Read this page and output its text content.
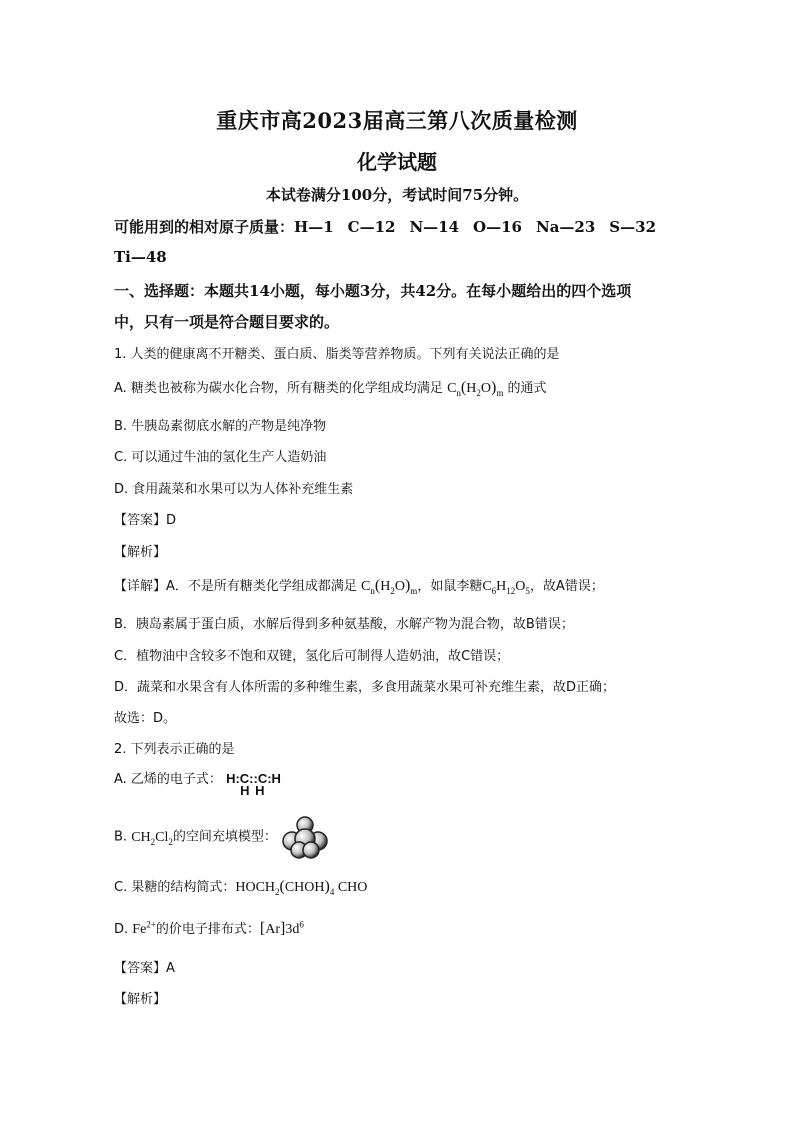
重庆市高2023届高三第八次质量检测
化学试题
本试卷满分100分，考试时间75分钟。
可能用到的相对原子质量：H—1 C—12 N—14 O—16 Na—23 S—32
Ti—48
一、选择题：本题共14小题，每小题3分，共42分。在每小题给出的四个选项
中，只有一项是符合题目要求的。
1. 人类的健康离不开糖类、蛋白质、脂类等营养物质。下列有关说法正确的是
A. 糖类也被称为碳水化合物，所有糖类的化学组成均满足 $C_n(H_2O)_m$ 的通式
B. 牛胰岛素彻底水解的产物是纯净物
C. 可以通过牛油的氢化生产人造奶油
D. 食用蔬菜和水果可以为人体补充维生素
【答案】D
【解析】
【详解】A．不是所有糖类化学组成都满足 $C_n(H_2O)_m$，如鼠李糖$C_6H_{12}O_5$，故A错误；
B．胰岛素属于蛋白质，水解后得到多种氨基酸，水解产物为混合物，故B错误；
C．植物油中含较多不饱和双键，氢化后可制得人造奶油，故C错误；
D．蔬菜和水果含有人体所需的多种维生素，多食用蔬菜水果可补充维生素，故D正确；
故选：D。
2. 下列表示正确的是
A. 乙烯的电子式： H:C::C:H
H H
B. $CH_2Cl_2$的空间充填模型：
C. 果糖的结构简式：$HOCH_2(CHOH)_4$ CHO
D. $Fe^{2+}$的价电子排布式：$[Ar]3d^6$
【答案】A
【解析】
